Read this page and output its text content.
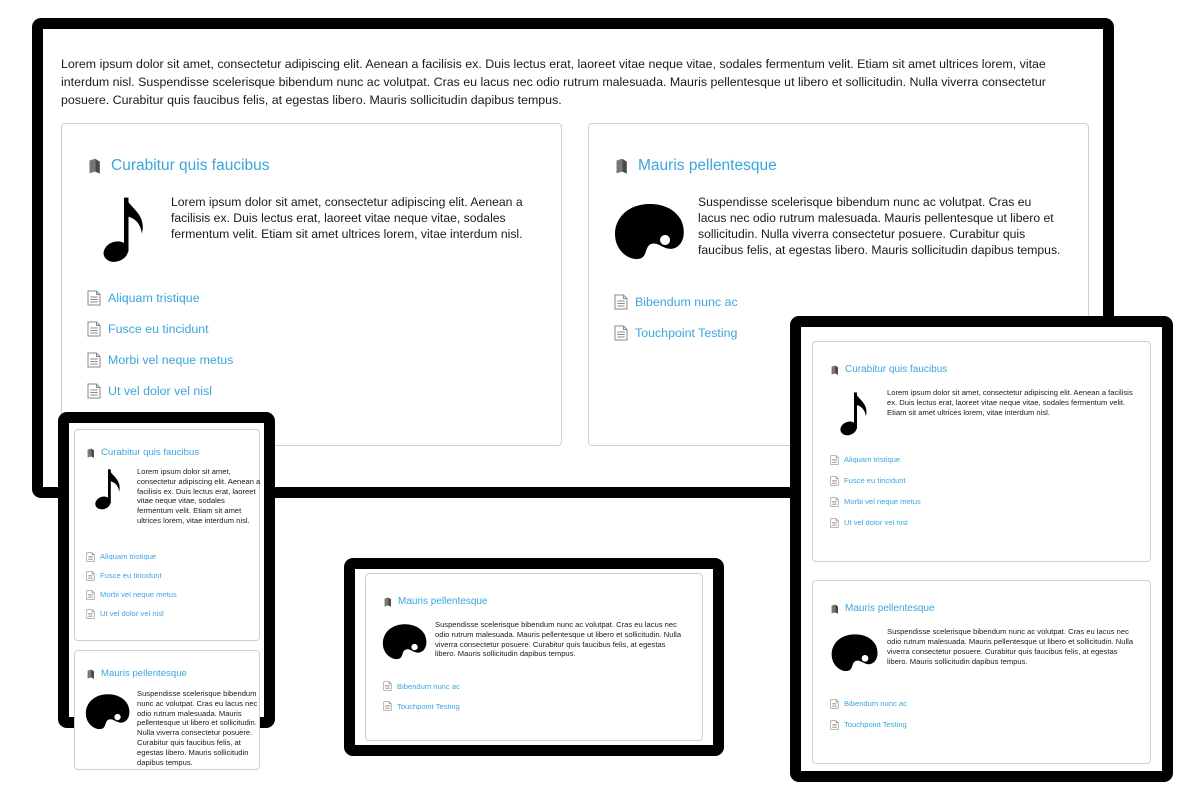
Lorem ipsum dolor sit amet, consectetur adipiscing elit. Aenean a facilisis ex. Duis lectus erat, laoreet vitae neque vitae, sodales fermentum velit. Etiam sit amet ultrices lorem, vitae interdum nisl. Suspendisse scelerisque bibendum nunc ac volutpat. Cras eu lacus nec odio rutrum malesuada. Mauris pellentesque ut libero et sollicitudin. Nulla viverra consectetur posuere. Curabitur quis faucibus felis, at egestas libero. Mauris sollicitudin dapibus tempus.

Curabitur quis faucibus

Lorem ipsum dolor sit amet, consectetur adipiscing elit. Aenean a facilisis ex. Duis lectus erat, laoreet vitae neque vitae, sodales fermentum velit. Etiam sit amet ultrices lorem, vitae interdum nisl.

Aliquam tristique
Fusce eu tincidunt
Morbi vel neque metus
Ut vel dolor vel nisl
Mauris pellentesque

Suspendisse scelerisque bibendum nunc ac volutpat. Cras eu lacus nec odio rutrum malesuada. Mauris pellentesque ut libero et sollicitudin. Nulla viverra consectetur posuere. Curabitur quis faucibus felis, at egestas libero. Mauris sollicitudin dapibus tempus.

Bibendum nunc ac
Touchpoint Testing
Curabitur quis faucibus

Lorem ipsum dolor sit amet, consectetur adipiscing elit. Aenean a facilisis ex. Duis lectus erat, laoreet vitae neque vitae, sodales fermentum velit. Etiam sit amet ultrices lorem, vitae interdum nisl.

Aliquam tristique
Fusce eu tincidunt
Morbi vel neque metus
Ut vel dolor vel nisl
Mauris pellentesque

Suspendisse scelerisque bibendum nunc ac volutpat. Cras eu lacus nec odio rutrum malesuada. Mauris pellentesque ut libero et sollicitudin. Nulla viverra consectetur posuere. Curabitur quis faucibus felis, at egestas libero. Mauris sollicitudin dapibus tempus.

Mauris pellentesque

Suspendisse scelerisque bibendum nunc ac volutpat. Cras eu lacus nec odio rutrum malesuada. Mauris pellentesque ut libero et sollicitudin. Nulla viverra consectetur posuere. Curabitur quis faucibus felis, at egestas libero. Mauris sollicitudin dapibus tempus.

Bibendum nunc ac
Touchpoint Testing
Curabitur quis faucibus

Lorem ipsum dolor sit amet, consectetur adipiscing elit. Aenean a facilisis ex. Duis lectus erat, laoreet vitae neque vitae, sodales fermentum velit. Etiam sit amet ultrices lorem, vitae interdum nisl.

Aliquam tristique
Fusce eu tincidunt
Morbi vel neque metus
Ut vel dolor vel nisl
Mauris pellentesque

Suspendisse scelerisque bibendum nunc ac volutpat. Cras eu lacus nec odio rutrum malesuada. Mauris pellentesque ut libero et sollicitudin. Nulla viverra consectetur posuere. Curabitur quis faucibus felis, at egestas libero. Mauris sollicitudin dapibus tempus.

Bibendum nunc ac
Touchpoint Testing
